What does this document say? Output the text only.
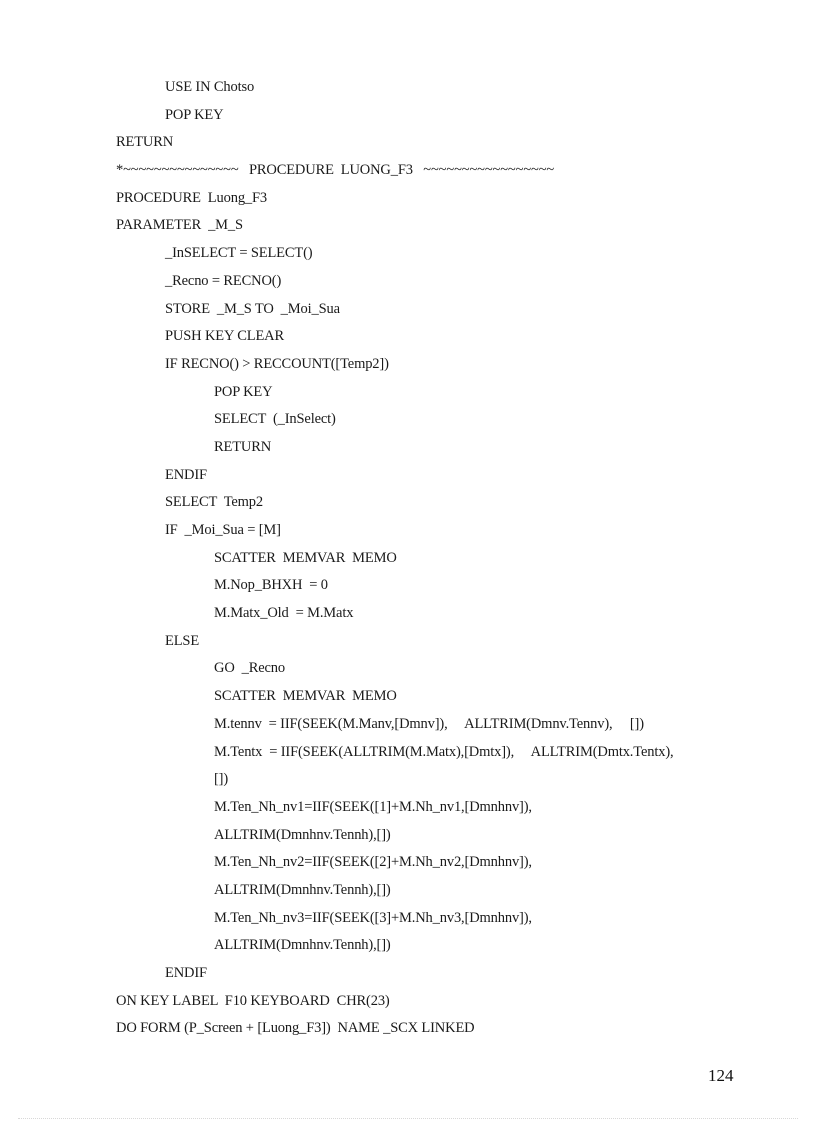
USE IN Chotso
POP KEY
RETURN
*~~~~~~~~~~~~~~~   PROCEDURE  LUONG_F3   ~~~~~~~~~~~~~~~~~
PROCEDURE  Luong_F3
PARAMETER  _M_S
_InSELECT = SELECT()
_Recno = RECNO()
STORE  _M_S TO  _Moi_Sua
PUSH KEY CLEAR
IF RECNO() > RECCOUNT([Temp2])
POP KEY
SELECT  (_InSelect)
RETURN
ENDIF
SELECT  Temp2
IF  _Moi_Sua = [M]
SCATTER  MEMVAR  MEMO
M.Nop_BHXH  = 0
M.Matx_Old  = M.Matx
ELSE
GO  _Recno
SCATTER  MEMVAR  MEMO
M.tennv  = IIF(SEEK(M.Manv,[Dmnv]),     ALLTRIM(Dmnv.Tennv),     [])
M.Tentx  = IIF(SEEK(ALLTRIM(M.Matx),[Dmtx]),     ALLTRIM(Dmtx.Tentx),
[])
M.Ten_Nh_nv1=IIF(SEEK([1]+M.Nh_nv1,[Dmnhnv]),
ALLTRIM(Dmnhnv.Tennh),[])
M.Ten_Nh_nv2=IIF(SEEK([2]+M.Nh_nv2,[Dmnhnv]),
ALLTRIM(Dmnhnv.Tennh),[])
M.Ten_Nh_nv3=IIF(SEEK([3]+M.Nh_nv3,[Dmnhnv]),
ALLTRIM(Dmnhnv.Tennh),[])
ENDIF
ON KEY LABEL  F10 KEYBOARD  CHR(23)
DO FORM (P_Screen + [Luong_F3])  NAME _SCX LINKED
124
